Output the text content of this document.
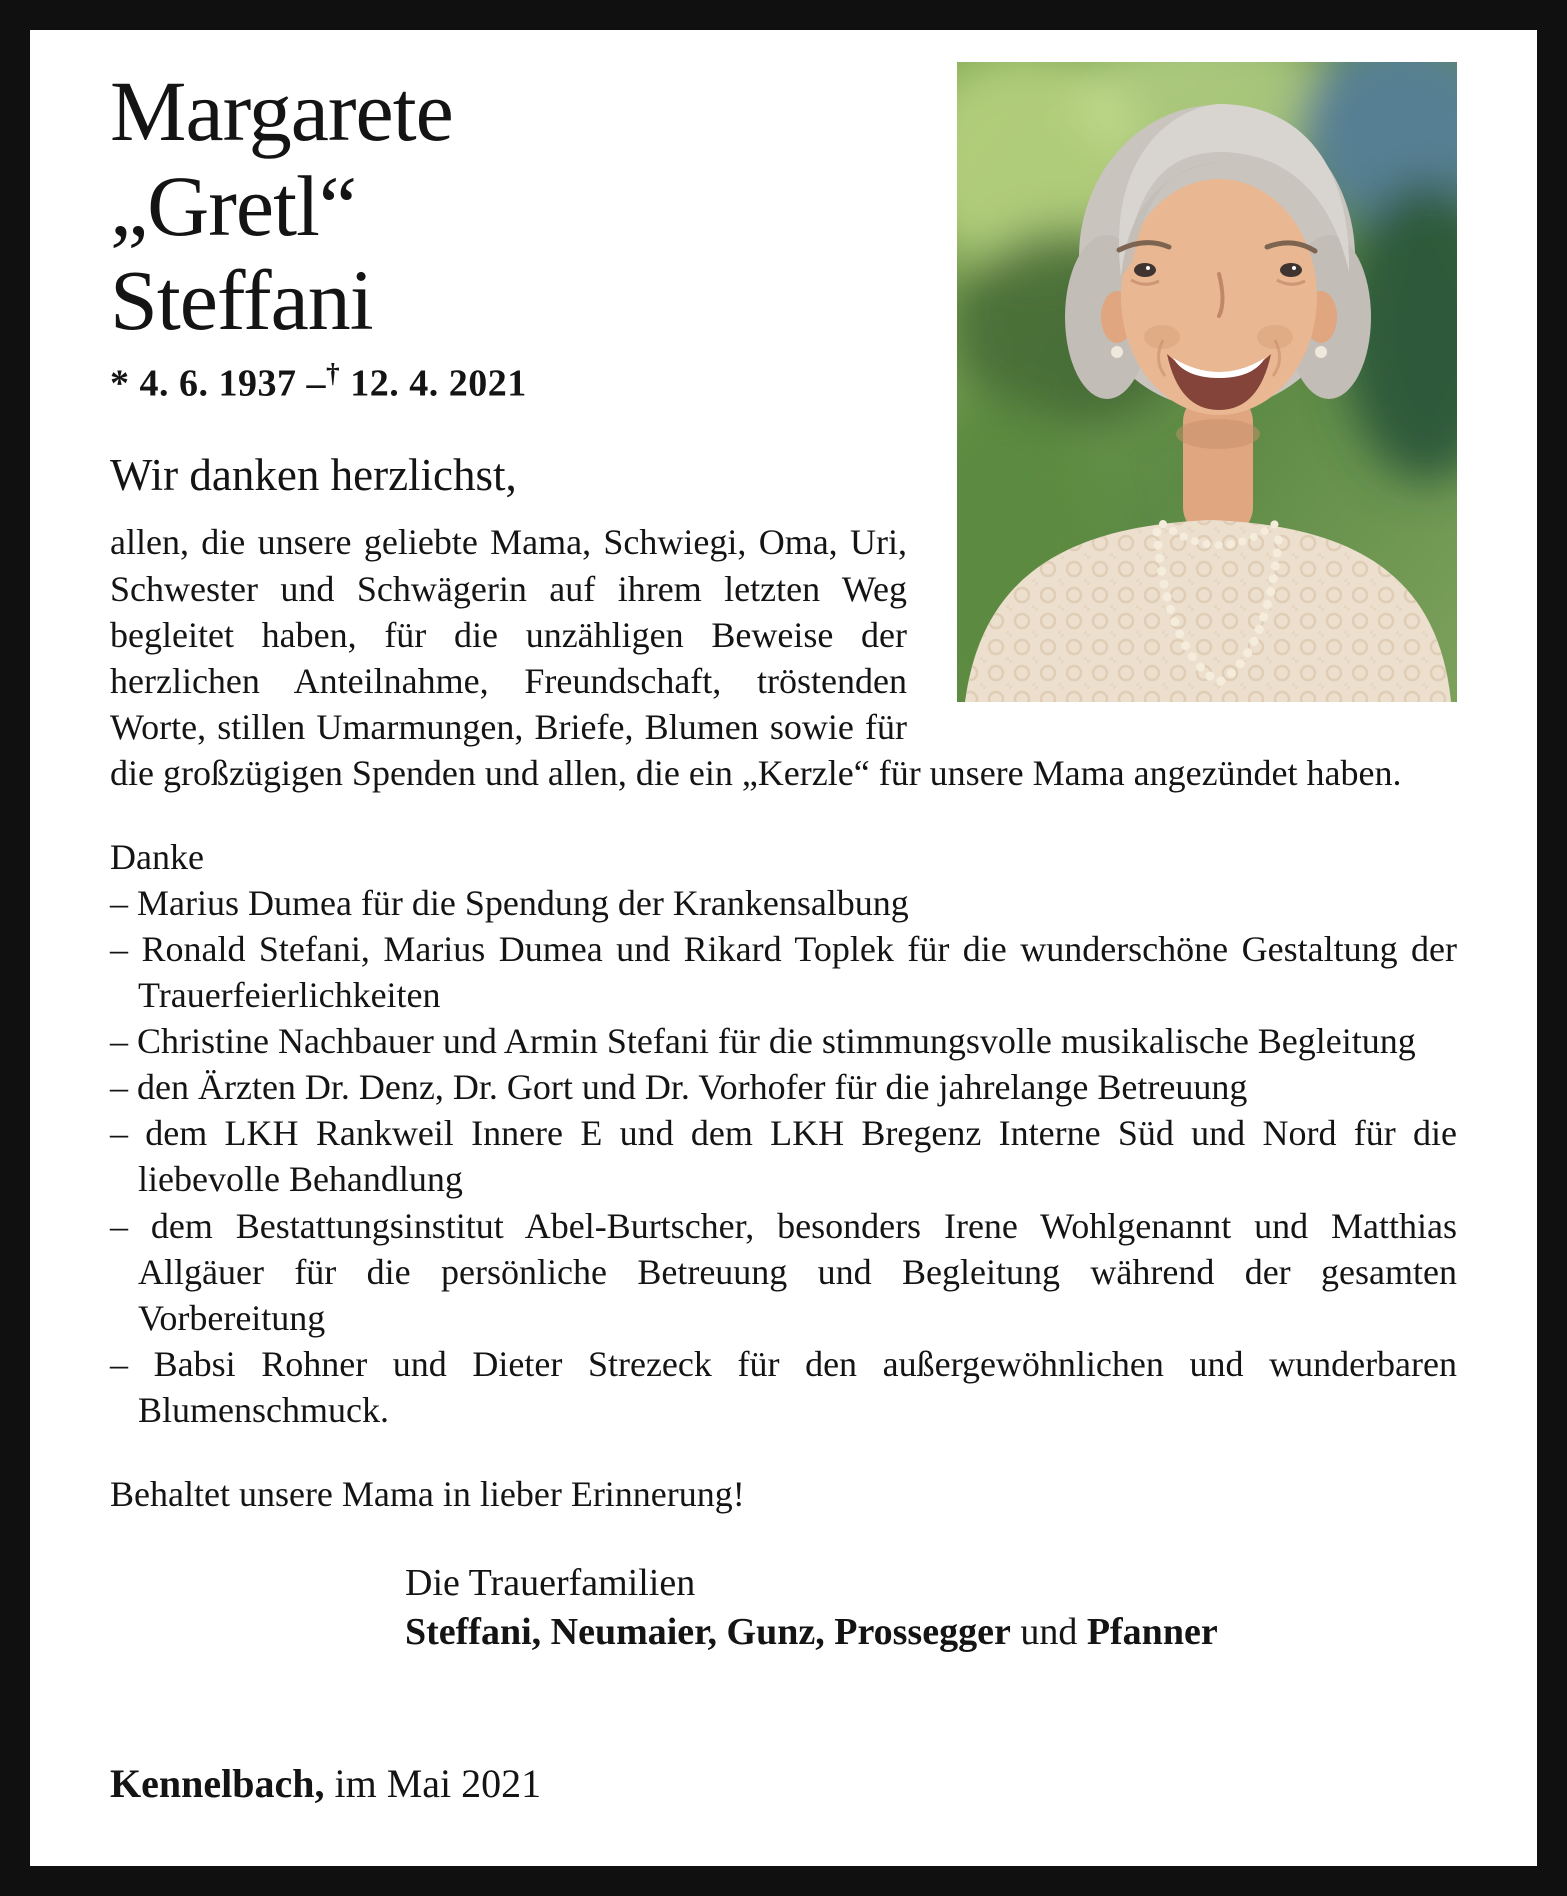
Margarete
„Gretl“
Steffani

* 4. 6. 1937 –† 12. 4. 2021

Wir danken herzlichst,

allen, die unsere geliebte Mama, Schwiegi, Oma, Uri, Schwester und Schwägerin auf ihrem letzten Weg begleitet haben, für die unzähligen Beweise der herzlichen Anteilnahme, Freundschaft, tröstenden Worte, stillen Umarmungen, Briefe, Blumen sowie für die großzügigen Spenden und allen, die ein „Kerzle“ für unsere Mama angezündet haben.

Danke

– Marius Dumea für die Spendung der Krankensalbung

– Ronald Stefani, Marius Dumea und Rikard Toplek für die wunderschöne Gestaltung der Trauerfeierlichkeiten

– Christine Nachbauer und Armin Stefani für die stimmungsvolle musikalische Begleitung

– den Ärzten Dr. Denz, Dr. Gort und Dr. Vorhofer für die jahrelange Betreuung

– dem LKH Rankweil Innere E und dem LKH Bregenz Interne Süd und Nord für die liebevolle Behandlung

– dem Bestattungsinstitut Abel-Burtscher, besonders Irene Wohlgenannt und Matthias Allgäuer für die persönliche Betreuung und Begleitung während der gesamten Vorbereitung

– Babsi Rohner und Dieter Strezeck für den außergewöhnlichen und wunderbaren Blumenschmuck.

Behaltet unsere Mama in lieber Erinnerung!

Die Trauerfamilien

Steffani, Neumaier, Gunz, Prossegger und Pfanner

Kennelbach, im Mai 2021
